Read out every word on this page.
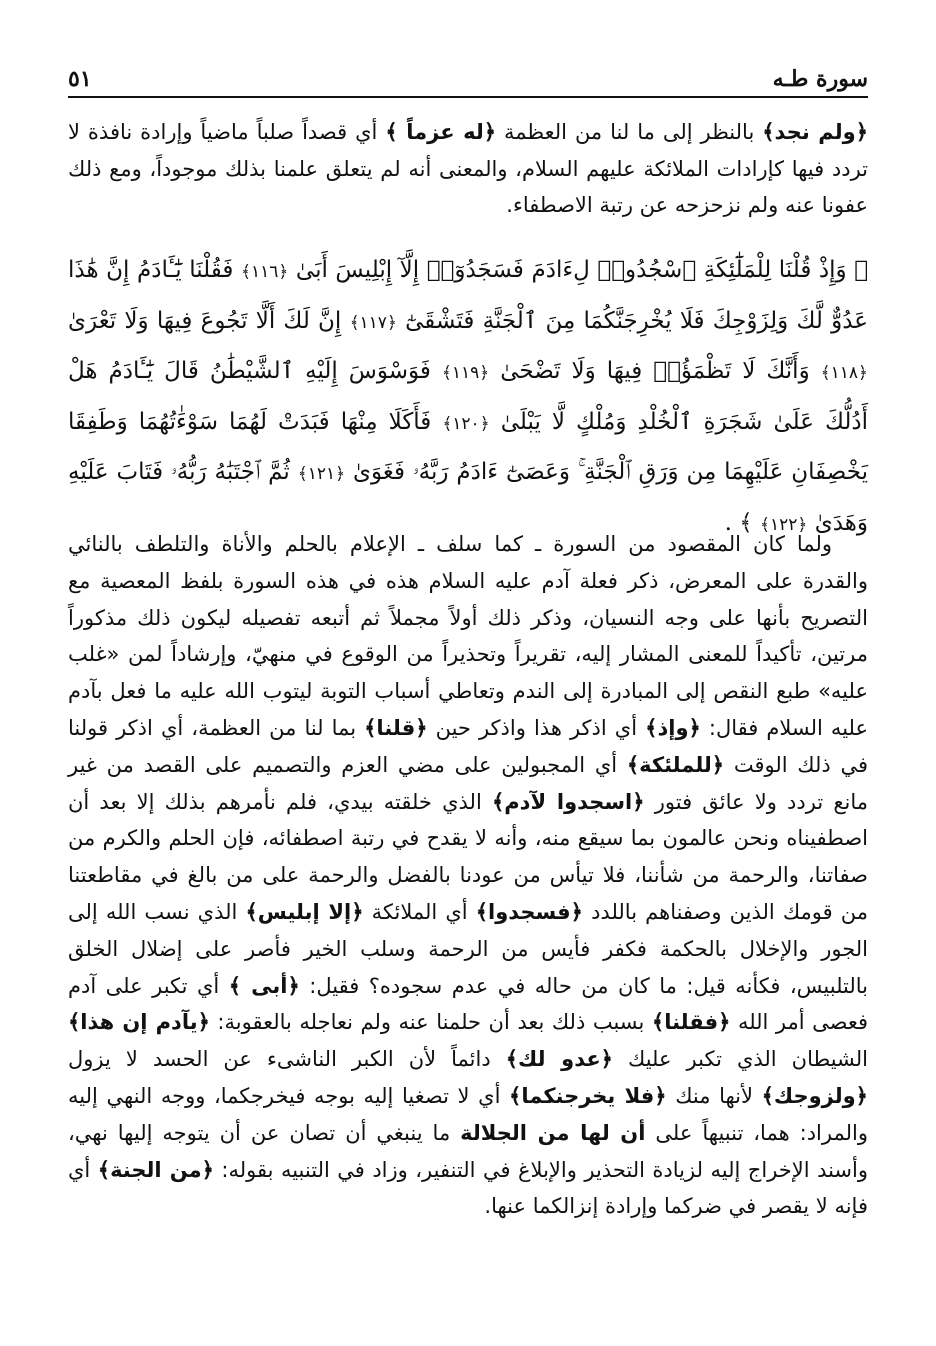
سورة طـه
٥١

﴿ولم نجد﴾ بالنظر إلى ما لنا من العظمة ﴿له عزماً ﴾ أي قصداً صلباً ماضياً وإرادة نافذة لا تردد فيها كإرادات الملائكة عليهم السلام، والمعنى أنه لم يتعلق علمنا بذلك موجوداً، ومع ذلك عفونا عنه ولم نزحزحه عن رتبة الاصطفاء.

﴿ وَإِذْ قُلْنَا لِلْمَلَٰٓئِكَةِ ٱسْجُدُوا۟ لِءَادَمَ فَسَجَدُوٓا۟ إِلَّآ إِبْلِيسَ أَبَىٰ ﴿١١٦﴾ فَقُلْنَا يَٰٓـَٔادَمُ إِنَّ هَٰذَا عَدُوٌّ لَّكَ وَلِزَوْجِكَ فَلَا يُخْرِجَنَّكُمَا مِنَ ٱلْجَنَّةِ فَتَشْقَىٰٓ ﴿١١٧﴾ إِنَّ لَكَ أَلَّا تَجُوعَ فِيهَا وَلَا تَعْرَىٰ ﴿١١٨﴾ وَأَنَّكَ لَا تَظْمَؤُا۟ فِيهَا وَلَا تَضْحَىٰ ﴿١١٩﴾ فَوَسْوَسَ إِلَيْهِ ٱلشَّيْطَٰنُ قَالَ يَٰٓـَٔادَمُ هَلْ أَدُلُّكَ عَلَىٰ شَجَرَةِ ٱلْخُلْدِ وَمُلْكٍ لَّا يَبْلَىٰ ﴿١٢٠﴾ فَأَكَلَا مِنْهَا فَبَدَتْ لَهُمَا سَوْءَٰتُهُمَا وَطَفِقَا يَخْصِفَانِ عَلَيْهِمَا مِن وَرَقِ ٱلْجَنَّةِ ۚ وَعَصَىٰٓ ءَادَمُ رَبَّهُۥ فَغَوَىٰ ﴿١٢١﴾ ثُمَّ ٱجْتَبَٰهُ رَبُّهُۥ فَتَابَ عَلَيْهِ وَهَدَىٰ ﴿١٢٢﴾ ﴾ .

ولما كان المقصود من السورة ـ كما سلف ـ الإعلام بالحلم والأناة والتلطف بالنائي والقدرة على المعرض، ذكر فعلة آدم عليه السلام هذه في هذه السورة بلفظ المعصية مع التصريح بأنها على وجه النسيان، وذكر ذلك أولاً مجملاً ثم أتبعه تفصيله ليكون ذلك مذكوراً مرتين، تأكيداً للمعنى المشار إليه، تقريراً وتحذيراً من الوقوع في منهيّ، وإرشاداً لمن «غلب عليه» طبع النقص إلى المبادرة إلى الندم وتعاطي أسباب التوبة ليتوب الله عليه ما فعل بآدم عليه السلام فقال: ﴿وإذ﴾ أي اذكر هذا واذكر حين ﴿قلنا﴾ بما لنا من العظمة، أي اذكر قولنا في ذلك الوقت ﴿للملئكة﴾ أي المجبولين على مضي العزم والتصميم على القصد من غير مانع تردد ولا عائق فتور ﴿اسجدوا لآدم﴾ الذي خلقته بيدي، فلم نأمرهم بذلك إلا بعد أن اصطفيناه ونحن عالمون بما سيقع منه، وأنه لا يقدح في رتبة اصطفائه، فإن الحلم والكرم من صفاتنا، والرحمة من شأننا، فلا تيأس من عودنا بالفضل والرحمة على من بالغ في مقاطعتنا من قومك الذين وصفناهم باللدد ﴿فسجدوا﴾ أي الملائكة ﴿إلا إبليس﴾ الذي نسب الله إلى الجور والإخلال بالحكمة فكفر فأيس من الرحمة وسلب الخير فأصر على إضلال الخلق بالتلبيس، فكأنه قيل: ما كان من حاله في عدم سجوده؟ فقيل: ﴿أبى ﴾ أي تكبر على آدم فعصى أمر الله ﴿فقلنا﴾ بسبب ذلك بعد أن حلمنا عنه ولم نعاجله بالعقوبة: ﴿يآدم إن هذا﴾ الشيطان الذي تكبر عليك ﴿عدو لك﴾ دائماً لأن الكبر الناشىء عن الحسد لا يزول ﴿ولزوجك﴾ لأنها منك ﴿فلا يخرجنكما﴾ أي لا تصغيا إليه بوجه فيخرجكما، ووجه النهي إليه والمراد: هما، تنبيهاً على أن لها من الجلالة ما ينبغي أن تصان عن أن يتوجه إليها نهي، وأسند الإخراج إليه لزيادة التحذير والإبلاغ في التنفير، وزاد في التنبيه بقوله: ﴿من الجنة﴾ أي فإنه لا يقصر في ضركما وإرادة إنزالكما عنها.
